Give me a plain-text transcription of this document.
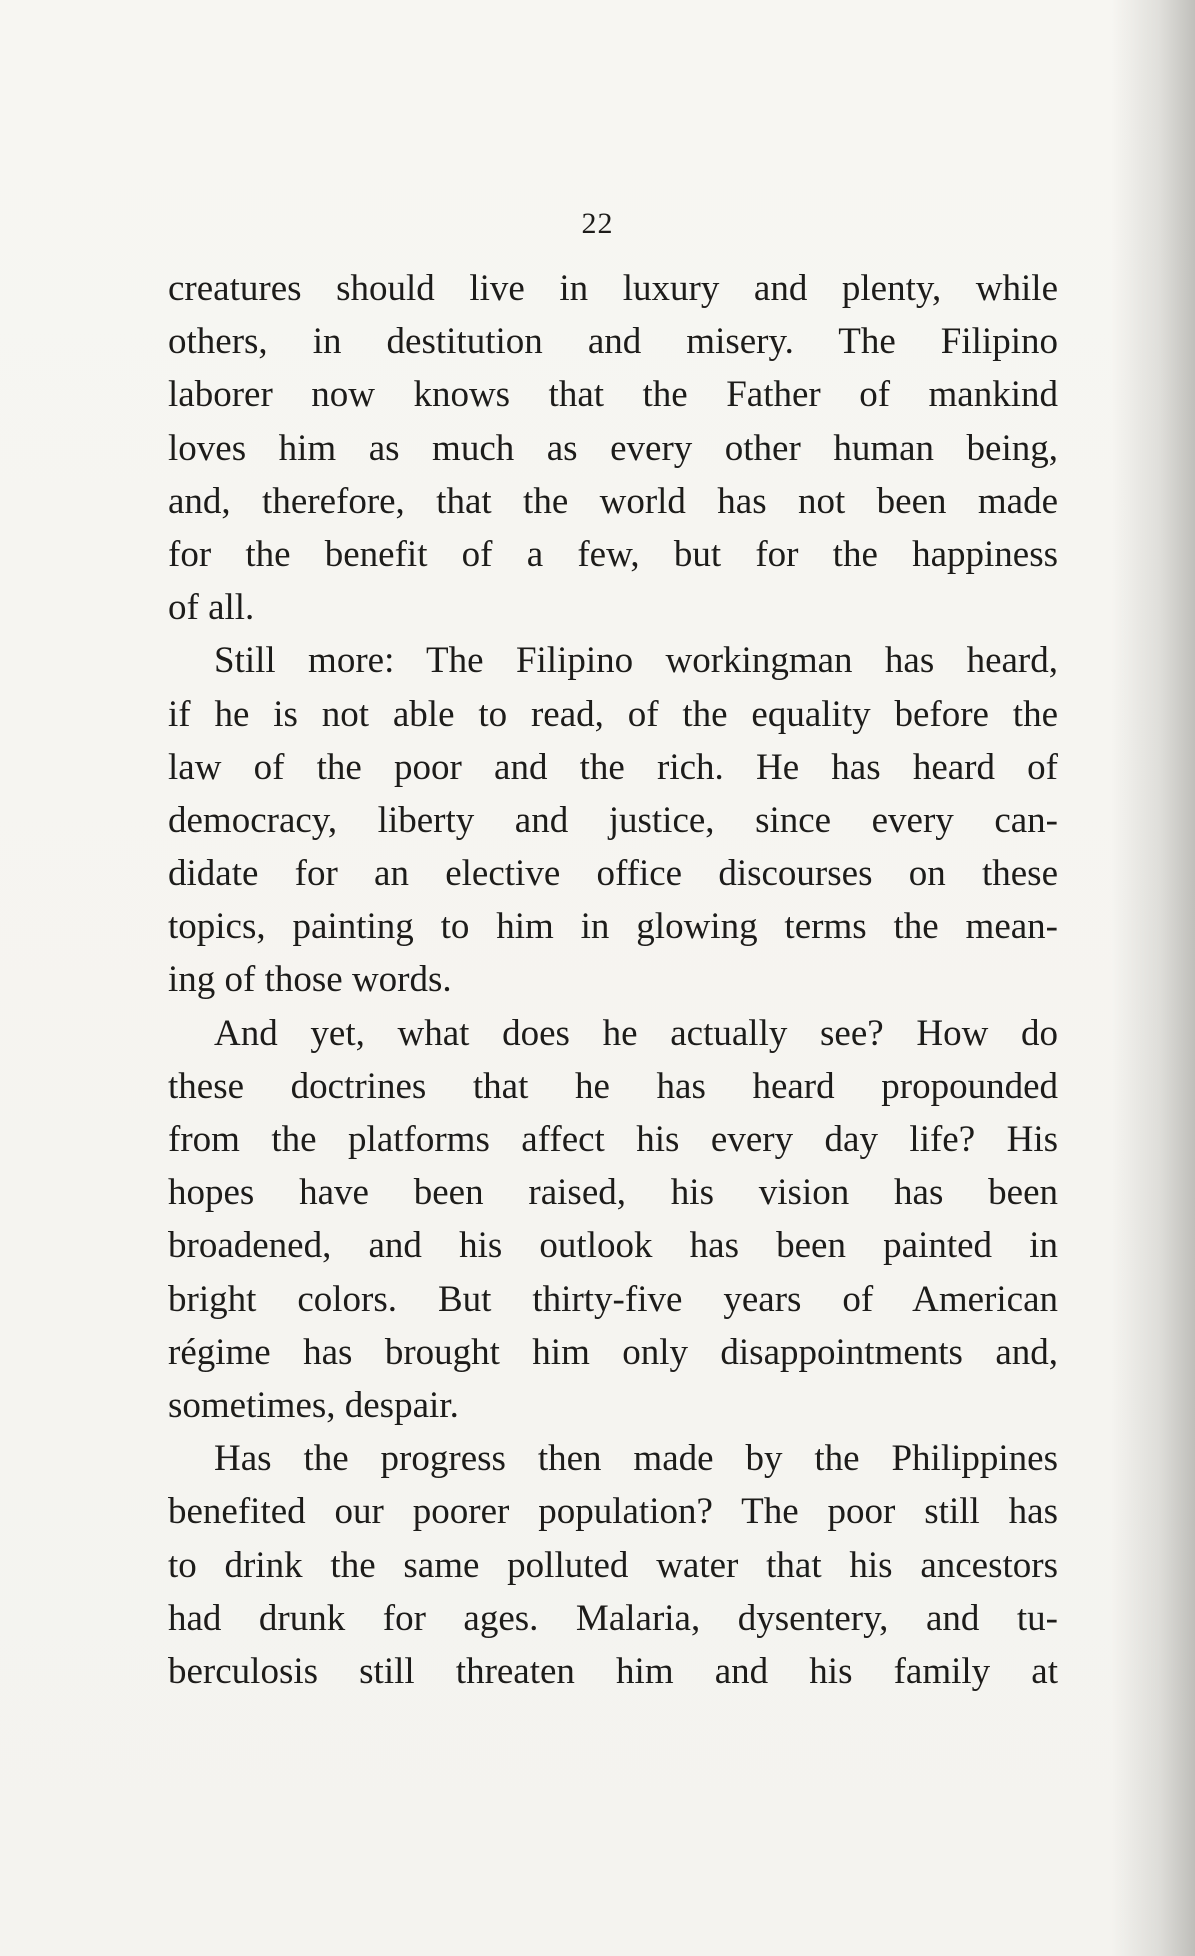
22
creatures should live in luxury and plenty, while
others, in destitution and misery. The Filipino
laborer now knows that the Father of mankind
loves him as much as every other human being,
and, therefore, that the world has not been made
for the benefit of a few, but for the happiness
of all.
Still more: The Filipino workingman has heard,
if he is not able to read, of the equality before the
law of the poor and the rich. He has heard of
democracy, liberty and justice, since every can-
didate for an elective office discourses on these
topics, painting to him in glowing terms the mean-
ing of those words.
And yet, what does he actually see? How do
these doctrines that he has heard propounded
from the platforms affect his every day life? His
hopes have been raised, his vision has been
broadened, and his outlook has been painted in
bright colors. But thirty-five years of American
régime has brought him only disappointments and,
sometimes, despair.
Has the progress then made by the Philippines
benefited our poorer population? The poor still has
to drink the same polluted water that his ancestors
had drunk for ages. Malaria, dysentery, and tu-
berculosis still threaten him and his family at
